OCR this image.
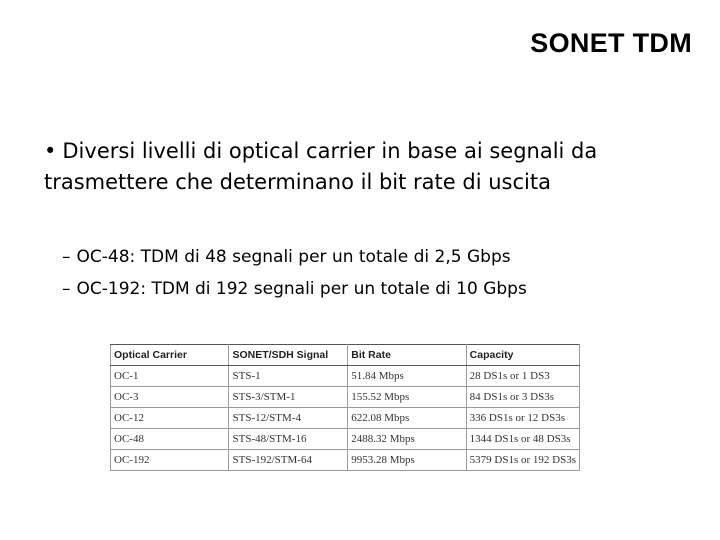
SONET TDM
• Diversi livelli di optical carrier in base ai segnali da trasmettere che determinano il bit rate di uscita
– OC-48: TDM di 48 segnali per un totale di 2,5 Gbps
– OC-192: TDM di 192 segnali per un totale di 10 Gbps
Optical Carrier	SONET/SDH Signal	Bit Rate	Capacity
OC-1	STS-1	51.84 Mbps	28 DS1s or 1 DS3
OC-3	STS-3/STM-1	155.52 Mbps	84 DS1s or 3 DS3s
OC-12	STS-12/STM-4	622.08 Mbps	336 DS1s or 12 DS3s
OC-48	STS-48/STM-16	2488.32 Mbps	1344 DS1s or 48 DS3s
OC-192	STS-192/STM-64	9953.28 Mbps	5379 DS1s or 192 DS3s
